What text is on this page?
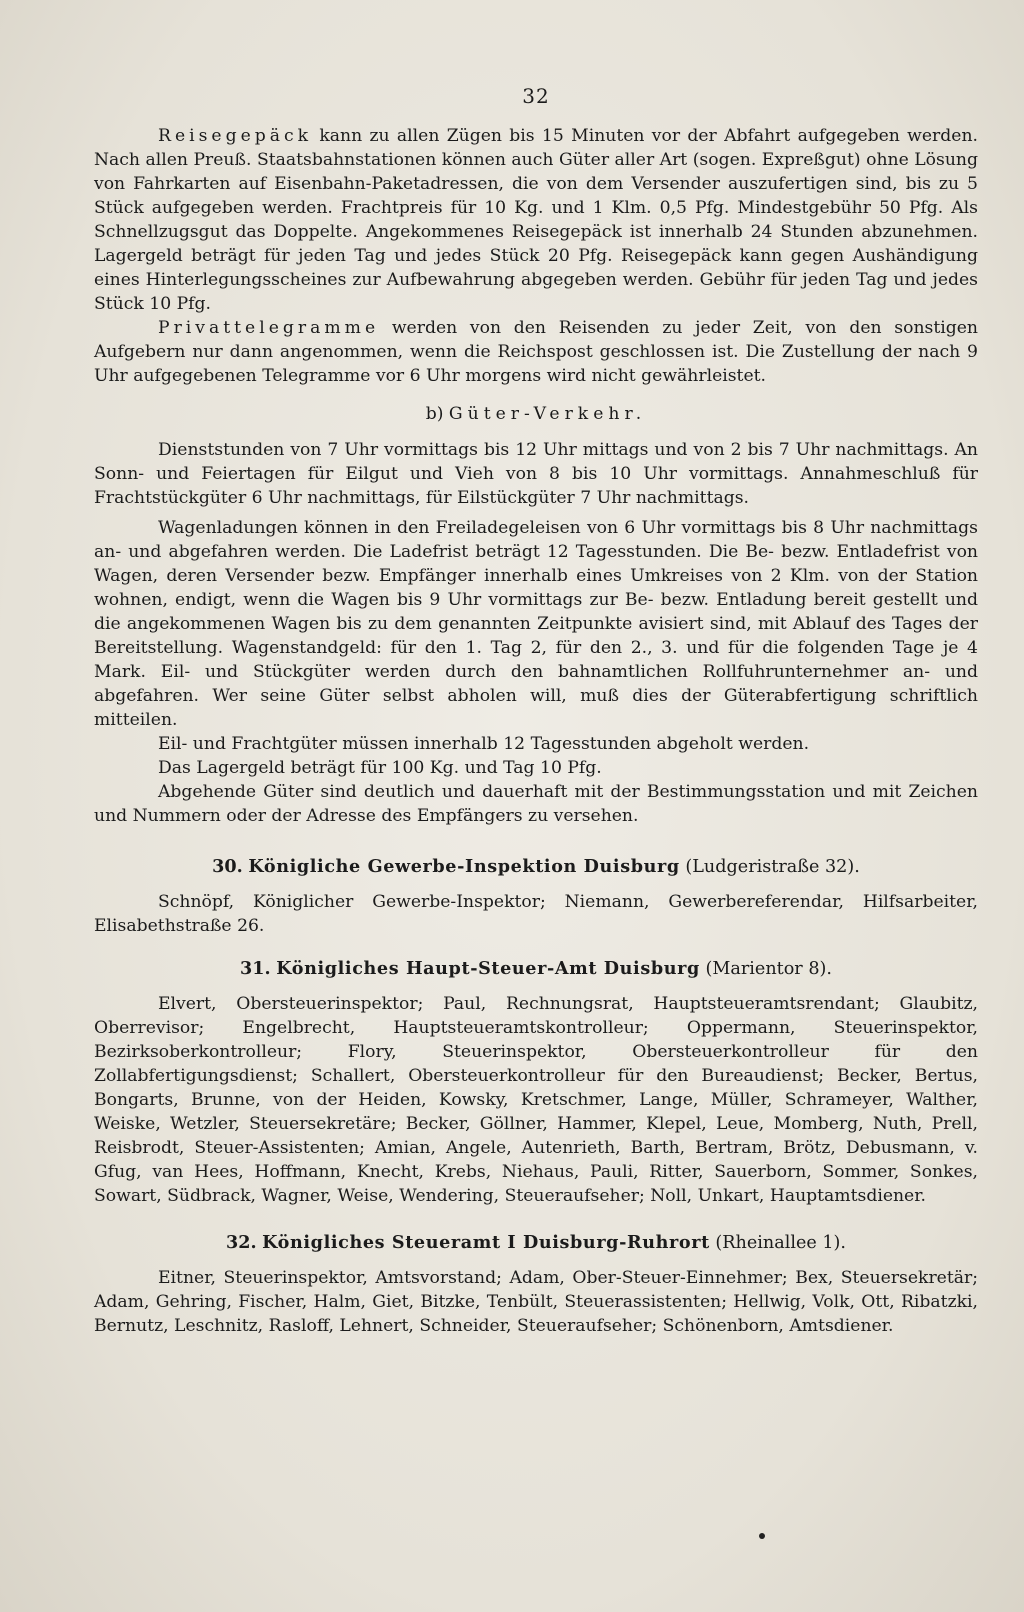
32

Reisegepäck kann zu allen Zügen bis 15 Minuten vor der Abfahrt aufgegeben werden. Nach allen Preuß. Staatsbahnstationen können auch Güter aller Art (sogen. Expreßgut) ohne Lösung von Fahrkarten auf Eisenbahn-Paketadressen, die von dem Versender auszufertigen sind, bis zu 5 Stück aufgegeben werden. Frachtpreis für 10 Kg. und 1 Klm. 0,5 Pfg. Mindestgebühr 50 Pfg. Als Schnellzugsgut das Doppelte. Angekommenes Reisegepäck ist innerhalb 24 Stunden abzunehmen. Lagergeld beträgt für jeden Tag und jedes Stück 20 Pfg. Reisegepäck kann gegen Aushändigung eines Hinterlegungsscheines zur Aufbewahrung abgegeben werden. Gebühr für jeden Tag und jedes Stück 10 Pfg.

Privattelegramme werden von den Reisenden zu jeder Zeit, von den sonstigen Aufgebern nur dann angenommen, wenn die Reichspost geschlossen ist. Die Zustellung der nach 9 Uhr aufgegebenen Telegramme vor 6 Uhr morgens wird nicht gewährleistet.

b) Güter-Verkehr.

Dienststunden von 7 Uhr vormittags bis 12 Uhr mittags und von 2 bis 7 Uhr nachmittags. An Sonn- und Feiertagen für Eilgut und Vieh von 8 bis 10 Uhr vormittags. Annahmeschluß für Frachtstückgüter 6 Uhr nachmittags, für Eilstückgüter 7 Uhr nachmittags.

Wagenladungen können in den Freiladegeleisen von 6 Uhr vormittags bis 8 Uhr nachmittags an- und abgefahren werden. Die Ladefrist beträgt 12 Tagesstunden. Die Be- bezw. Entladefrist von Wagen, deren Versender bezw. Empfänger innerhalb eines Umkreises von 2 Klm. von der Station wohnen, endigt, wenn die Wagen bis 9 Uhr vormittags zur Be- bezw. Entladung bereit gestellt und die angekommenen Wagen bis zu dem genannten Zeitpunkte avisiert sind, mit Ablauf des Tages der Bereitstellung. Wagenstandgeld: für den 1. Tag 2, für den 2., 3. und für die folgenden Tage je 4 Mark. Eil- und Stückgüter werden durch den bahnamtlichen Rollfuhrunternehmer an- und abgefahren. Wer seine Güter selbst abholen will, muß dies der Güterabfertigung schriftlich mitteilen.

Eil- und Frachtgüter müssen innerhalb 12 Tagesstunden abgeholt werden.

Das Lagergeld beträgt für 100 Kg. und Tag 10 Pfg.

Abgehende Güter sind deutlich und dauerhaft mit der Bestimmungsstation und mit Zeichen und Nummern oder der Adresse des Empfängers zu versehen.

30. Königliche Gewerbe-Inspektion Duisburg (Ludgeristraße 32).

Schnöpf, Königlicher Gewerbe-Inspektor; Niemann, Gewerbereferendar, Hilfsarbeiter, Elisabethstraße 26.

31. Königliches Haupt-Steuer-Amt Duisburg (Marientor 8).

Elvert, Obersteuerinspektor; Paul, Rechnungsrat, Hauptsteueramtsrendant; Glaubitz, Oberrevisor; Engelbrecht, Hauptsteueramtskontrolleur; Oppermann, Steuerinspektor, Bezirksoberkontrolleur; Flory, Steuerinspektor, Obersteuerkontrolleur für den Zollabfertigungsdienst; Schallert, Obersteuerkontrolleur für den Bureaudienst; Becker, Bertus, Bongarts, Brunne, von der Heiden, Kowsky, Kretschmer, Lange, Müller, Schrameyer, Walther, Weiske, Wetzler, Steuersekretäre; Becker, Göllner, Hammer, Klepel, Leue, Momberg, Nuth, Prell, Reisbrodt, Steuer-Assistenten; Amian, Angele, Autenrieth, Barth, Bertram, Brötz, Debusmann, v. Gfug, van Hees, Hoffmann, Knecht, Krebs, Niehaus, Pauli, Ritter, Sauerborn, Sommer, Sonkes, Sowart, Südbrack, Wagner, Weise, Wendering, Steueraufseher; Noll, Unkart, Hauptamtsdiener.

32. Königliches Steueramt I Duisburg-Ruhrort (Rheinallee 1).

Eitner, Steuerinspektor, Amtsvorstand; Adam, Ober-Steuer-Einnehmer; Bex, Steuersekretär; Adam, Gehring, Fischer, Halm, Giet, Bitzke, Tenbült, Steuerassistenten; Hellwig, Volk, Ott, Ribatzki, Bernutz, Leschnitz, Rasloff, Lehnert, Schneider, Steueraufseher; Schönenborn, Amtsdiener.
